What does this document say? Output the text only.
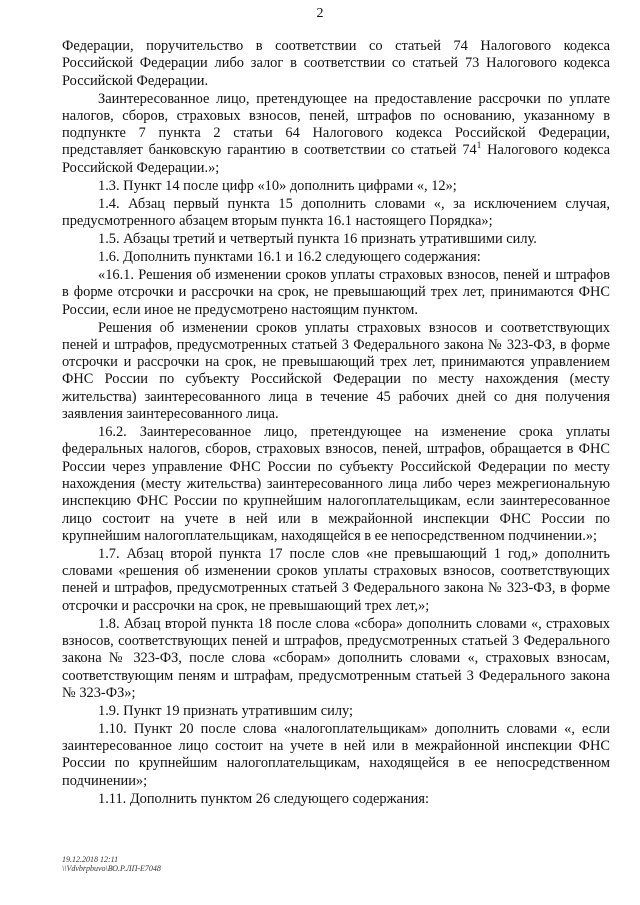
2

Федерации, поручительство в соответствии со статьей 74 Налогового кодекса Российской Федерации либо залог в соответствии со статьей 73 Налогового кодекса Российской Федерации.

Заинтересованное лицо, претендующее на предоставление рассрочки по уплате налогов, сборов, страховых взносов, пеней, штрафов по основанию, указанному в подпункте 7 пункта 2 статьи 64 Налогового кодекса Российской Федерации, представляет банковскую гарантию в соответствии со статьей $74^1$ Налогового кодекса Российской Федерации.»;

1.3. Пункт 14 после цифр «10» дополнить цифрами «, 12»;

1.4. Абзац первый пункта 15 дополнить словами «, за исключением случая, предусмотренного абзацем вторым пункта 16.1 настоящего Порядка»;

1.5. Абзацы третий и четвертый пункта 16 признать утратившими силу.

1.6. Дополнить пунктами 16.1 и 16.2 следующего содержания:

«16.1. Решения об изменении сроков уплаты страховых взносов, пеней и штрафов в форме отсрочки и рассрочки на срок, не превышающий трех лет, принимаются ФНС России, если иное не предусмотрено настоящим пунктом.

Решения об изменении сроков уплаты страховых взносов и соответствующих пеней и штрафов, предусмотренных статьей 3 Федерального закона № 323-ФЗ, в форме отсрочки и рассрочки на срок, не превышающий трех лет, принимаются управлением ФНС России по субъекту Российской Федерации по месту нахождения (месту жительства) заинтересованного лица в течение 45 рабочих дней со дня получения заявления заинтересованного лица.

16.2. Заинтересованное лицо, претендующее на изменение срока уплаты федеральных налогов, сборов, страховых взносов, пеней, штрафов, обращается в ФНС России через управление ФНС России по субъекту Российской Федерации по месту нахождения (месту жительства) заинтересованного лица либо через межрегиональную инспекцию ФНС России по крупнейшим налогоплательщикам, если заинтересованное лицо состоит на учете в ней или в межрайонной инспекции ФНС России по крупнейшим налогоплательщикам, находящейся в ее непосредственном подчинении.»;

1.7. Абзац второй пункта 17 после слов «не превышающий 1 год,» дополнить словами «решения об изменении сроков уплаты страховых взносов, соответствующих пеней и штрафов, предусмотренных статьей 3 Федерального закона № 323-ФЗ, в форме отсрочки и рассрочки на срок, не превышающий трех лет,»;

1.8. Абзац второй пункта 18 после слова «сбора» дополнить словами «, страховых взносов, соответствующих пеней и штрафов, предусмотренных статьей 3 Федерального закона № 323-ФЗ, после слова «сборам» дополнить словами «, страховых взносам, соответствующим пеням и штрафам, предусмотренным статьей 3 Федерального закона № 323-ФЗ»;

1.9. Пункт 19 признать утратившим силу;

1.10. Пункт 20 после слова «налогоплательщикам» дополнить словами «, если заинтересованное лицо состоит на учете в ней или в межрайонной инспекции ФНС России по крупнейшим налогоплательщикам, находящейся в ее непосредственном подчинении»;

1.11. Дополнить пунктом 26 следующего содержания:

19.12.2018 12:11
\\Vdvbrpbuvo\ВО.Р.ЛП-Е7048
